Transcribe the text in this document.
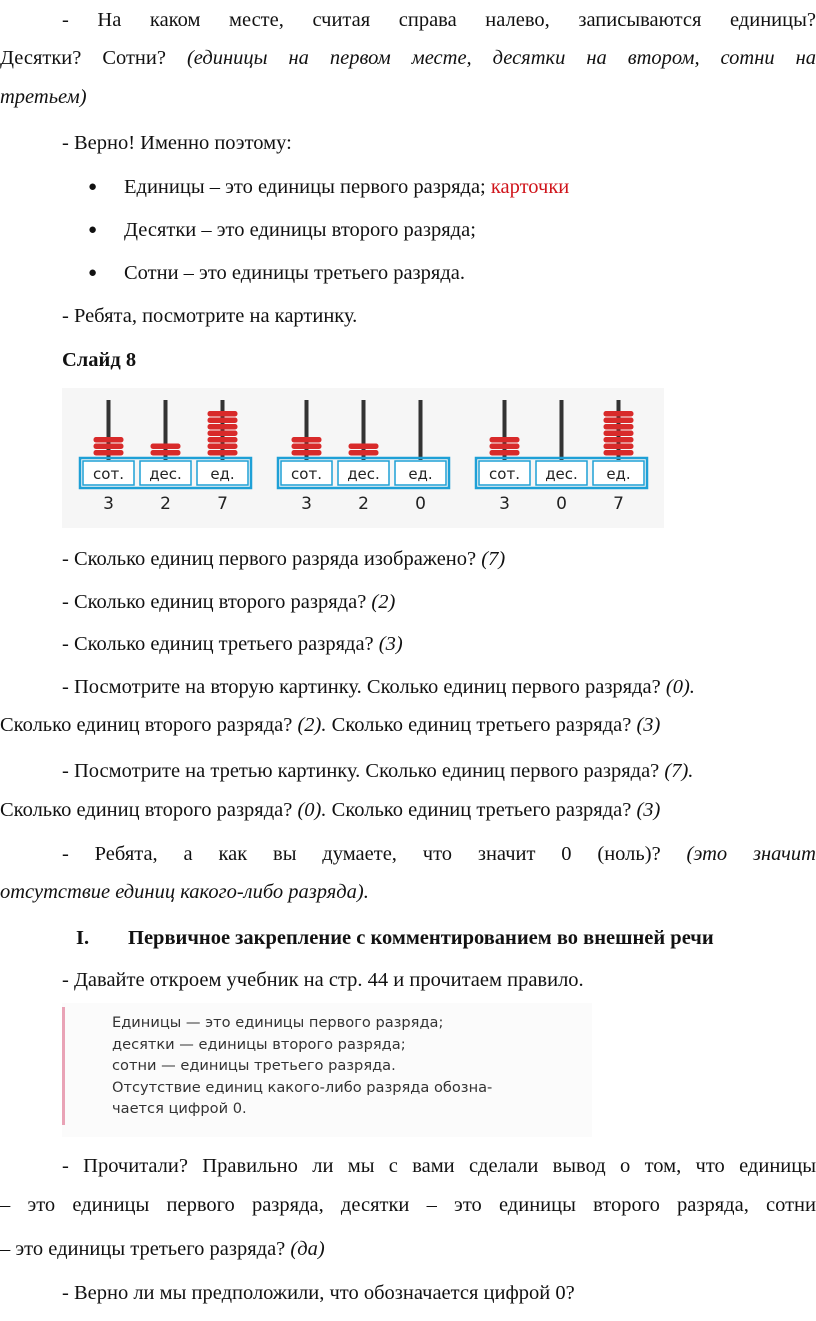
- На каком месте, считая справа налево, записываются единицы?
Десятки? Сотни? (единицы на первом месте, десятки на втором, сотни на
третьем)
- Верно! Именно поэтому:
● Единицы – это единицы первого разряда; карточки
● Десятки – это единицы второго разряда;
● Сотни – это единицы третьего разряда.
- Ребята, посмотрите на картинку.
Слайд 8
сот.
3
дес.
2
ед.
7
сот.
3
дес.
2
ед.
0
сот.
3
дес.
0
ед.
7
- Сколько единиц первого разряда изображено? (7)
- Сколько единиц второго разряда? (2)
- Сколько единиц третьего разряда? (3)
- Посмотрите на вторую картинку. Сколько единиц первого разряда? (0).
Сколько единиц второго разряда? (2). Сколько единиц третьего разряда? (3)
- Посмотрите на третью картинку. Сколько единиц первого разряда? (7).
Сколько единиц второго разряда? (0). Сколько единиц третьего разряда? (3)
- Ребята, а как вы думаете, что значит 0 (ноль)? (это значит
отсутствие единиц какого-либо разряда).
I. Первичное закрепление с комментированием во внешней речи
- Давайте откроем учебник на стр. 44 и прочитаем правило.
Единицы — это единицы первого разряда;
десятки — единицы второго разряда;
сотни — единицы третьего разряда.
Отсутствие единиц какого-либо разряда обозна-
чается цифрой 0.
- Прочитали? Правильно ли мы с вами сделали вывод о том, что единицы
– это единицы первого разряда, десятки – это единицы второго разряда, сотни
– это единицы третьего разряда? (да)
- Верно ли мы предположили, что обозначается цифрой 0?
